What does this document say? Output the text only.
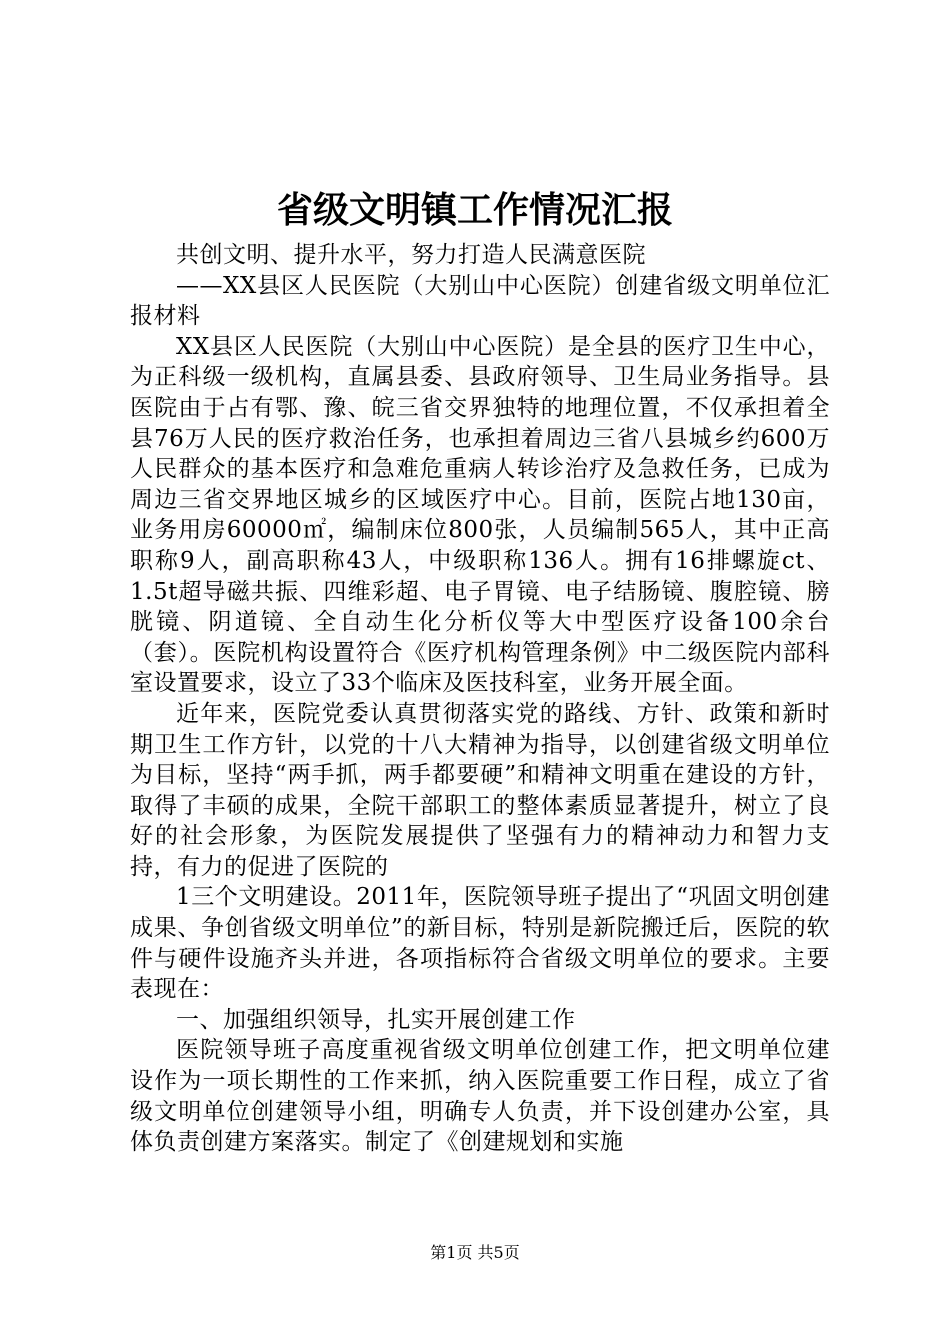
省级文明镇工作情况汇报

共创文明、提升水平，努力打造人民满意医院

——XX县区人民医院（大别山中心医院）创建省级文明单位汇报材料

XX县区人民医院（大别山中心医院）是全县的医疗卫生中心，为正科级一级机构，直属县委、县政府领导、卫生局业务指导。县医院由于占有鄂、豫、皖三省交界独特的地理位置，不仅承担着全县76万人民的医疗救治任务，也承担着周边三省八县城乡约600万人民群众的基本医疗和急难危重病人转诊治疗及急救任务，已成为周边三省交界地区城乡的区域医疗中心。目前，医院占地130亩，业务用房60000㎡，编制床位800张，人员编制565人，其中正高职称9人，副高职称43人，中级职称136人。拥有16排螺旋ct、1.5t超导磁共振、四维彩超、电子胃镜、电子结肠镜、腹腔镜、膀胱镜、阴道镜、全自动生化分析仪等大中型医疗设备100余台（套）。医院机构设置符合《医疗机构管理条例》中二级医院内部科室设置要求，设立了33个临床及医技科室，业务开展全面。

近年来，医院党委认真贯彻落实党的路线、方针、政策和新时期卫生工作方针，以党的十八大精神为指导，以创建省级文明单位为目标，坚持“两手抓，两手都要硬”和精神文明重在建设的方针，取得了丰硕的成果，全院干部职工的整体素质显著提升，树立了良好的社会形象，为医院发展提供了坚强有力的精神动力和智力支持，有力的促进了医院的

1三个文明建设。2011年，医院领导班子提出了“巩固文明创建成果、争创省级文明单位”的新目标，特别是新院搬迁后，医院的软件与硬件设施齐头并进，各项指标符合省级文明单位的要求。主要表现在：

一、加强组织领导，扎实开展创建工作

医院领导班子高度重视省级文明单位创建工作，把文明单位建设作为一项长期性的工作来抓，纳入医院重要工作日程，成立了省级文明单位创建领导小组，明确专人负责，并下设创建办公室，具体负责创建方案落实。制定了《创建规划和实施

第1页 共5页
